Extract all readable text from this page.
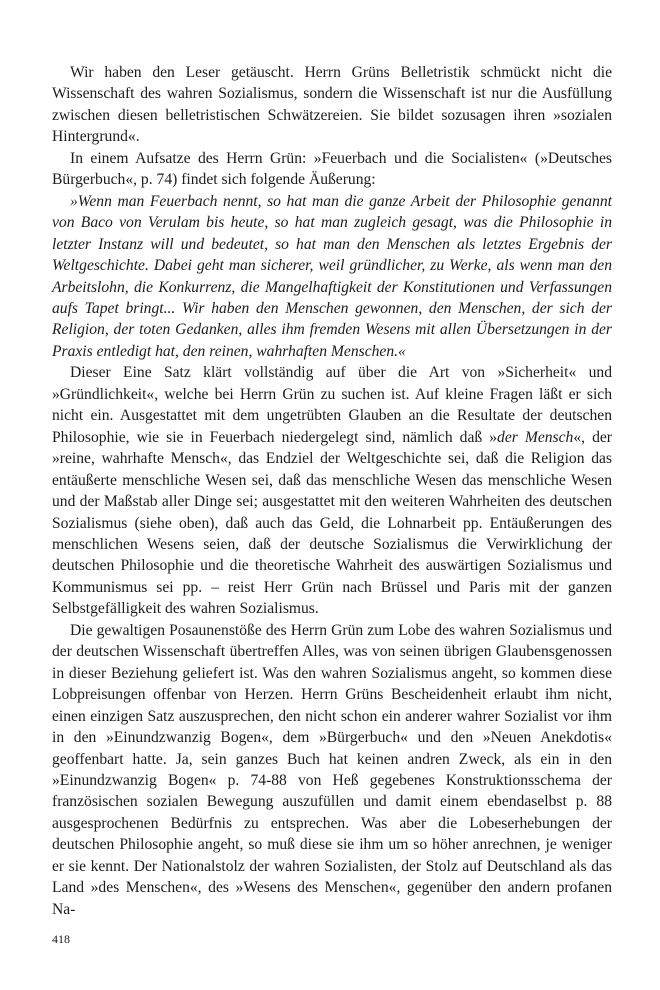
Wir haben den Leser getäuscht. Herrn Grüns Belletristik schmückt nicht die Wissenschaft des wahren Sozialismus, sondern die Wissenschaft ist nur die Ausfüllung zwischen diesen belletristischen Schwätzereien. Sie bildet sozusagen ihren »sozialen Hintergrund«.

In einem Aufsatze des Herrn Grün: »Feuerbach und die Socialisten« (»Deutsches Bürgerbuch«, p. 74) findet sich folgende Äußerung:

»Wenn man Feuerbach nennt, so hat man die ganze Arbeit der Philosophie genannt von Baco von Verulam bis heute, so hat man zugleich gesagt, was die Philosophie in letzter Instanz will und bedeutet, so hat man den Menschen als letztes Ergebnis der Weltgeschichte. Dabei geht man sicherer, weil gründlicher, zu Werke, als wenn man den Arbeitslohn, die Konkurrenz, die Mangelhaftigkeit der Konstitutionen und Verfassungen aufs Tapet bringt... Wir haben den Menschen gewonnen, den Menschen, der sich der Religion, der toten Gedanken, alles ihm fremden Wesens mit allen Übersetzungen in der Praxis entledigt hat, den reinen, wahrhaften Menschen.«

Dieser Eine Satz klärt vollständig auf über die Art von »Sicherheit« und »Gründlichkeit«, welche bei Herrn Grün zu suchen ist. Auf kleine Fragen läßt er sich nicht ein. Ausgestattet mit dem ungetrübten Glauben an die Resultate der deutschen Philosophie, wie sie in Feuerbach niedergelegt sind, nämlich daß »der Mensch«, der »reine, wahrhafte Mensch«, das Endziel der Weltgeschichte sei, daß die Religion das entäußerte menschliche Wesen sei, daß das menschliche Wesen das menschliche Wesen und der Maßstab aller Dinge sei; ausgestattet mit den weiteren Wahrheiten des deutschen Sozialismus (siehe oben), daß auch das Geld, die Lohnarbeit pp. Entäußerungen des menschlichen Wesens seien, daß der deutsche Sozialismus die Verwirklichung der deutschen Philosophie und die theoretische Wahrheit des auswärtigen Sozialismus und Kommunismus sei pp. – reist Herr Grün nach Brüssel und Paris mit der ganzen Selbstgefälligkeit des wahren Sozialismus.

Die gewaltigen Posaunenstöße des Herrn Grün zum Lobe des wahren Sozialismus und der deutschen Wissenschaft übertreffen Alles, was von seinen übrigen Glaubensgenossen in dieser Beziehung geliefert ist. Was den wahren Sozialismus angeht, so kommen diese Lobpreisungen offenbar von Herzen. Herrn Grüns Bescheidenheit erlaubt ihm nicht, einen einzigen Satz auszusprechen, den nicht schon ein anderer wahrer Sozialist vor ihm in den »Einundzwanzig Bogen«, dem »Bürgerbuch« und den »Neuen Anekdotis« geoffenbart hatte. Ja, sein ganzes Buch hat keinen andren Zweck, als ein in den »Einundzwanzig Bogen« p. 74-88 von Heß gegebenes Konstruktionsschema der französischen sozialen Bewegung auszufüllen und damit einem ebendaselbst p. 88 ausgesprochenen Bedürfnis zu entsprechen. Was aber die Lobeserhebungen der deutschen Philosophie angeht, so muß diese sie ihm um so höher anrechnen, je weniger er sie kennt. Der Nationalstolz der wahren Sozialisten, der Stolz auf Deutschland als das Land »des Menschen«, des »Wesens des Menschen«, gegenüber den andern profanen Na-

418
